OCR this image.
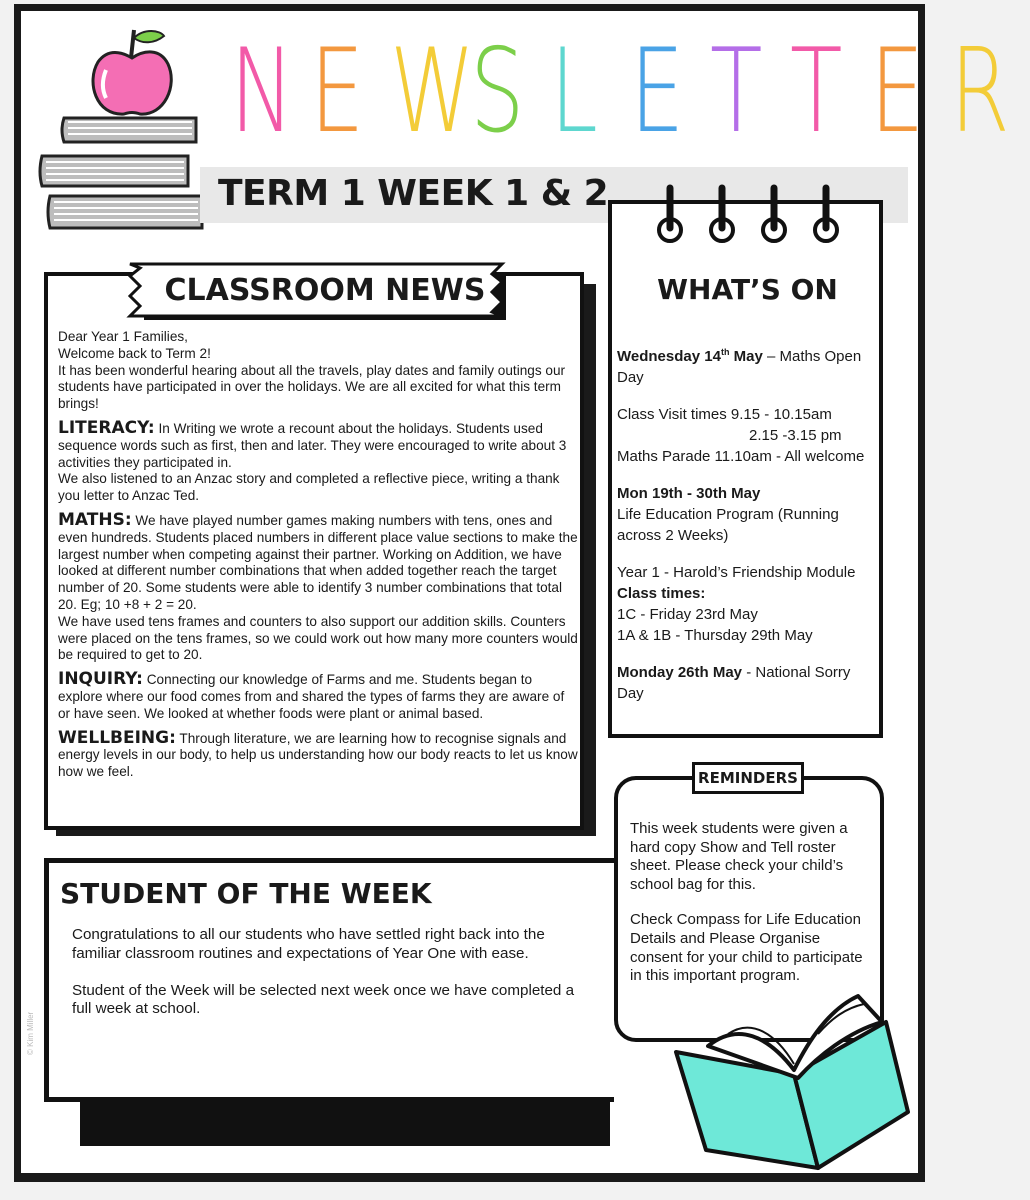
N E W
S L E T T E R
TERM 1 WEEK 1 & 2
CLASSROOM NEWS

Dear Year 1 Families,
Welcome back to Term 2!
It has been wonderful hearing about all the travels, play dates and family outings our students have participated in over the holidays. We are all excited for what this term brings!

LITERACY: In Writing we wrote a recount about the holidays. Students used sequence words such as first, then and later. They were encouraged to write about 3 activities they participated in.
We also listened to an Anzac story and completed a reflective piece, writing a thank you letter to Anzac Ted.

MATHS: We have played number games making numbers with tens, ones and even hundreds. Students placed numbers in different place value sections to make the largest number when competing against their partner. Working on Addition, we have looked at different number combinations that when added together reach the target number of 20. Some students were able to identify 3 number combinations that total 20. Eg; 10 +8 + 2 = 20.
We have used tens frames and counters to also support our addition skills. Counters were placed on the tens frames, so we could work out how many more counters would be required to get to 20.

INQUIRY: Connecting our knowledge of Farms and me. Students began to explore where our food comes from and shared the types of farms they are aware of or have seen. We looked at whether foods were plant or animal based.

WELLBEING: Through literature, we are learning how to recognise signals and energy levels in our body, to help us understanding how our body reacts to let us know how we feel.

STUDENT OF THE WEEK

Congratulations to all our students who have settled right back into the familiar classroom routines and expectations of Year One with ease.

Student of the Week will be selected next week once we have completed a full week at school.

WHAT’S ON

Wednesday 14th May – Maths Open Day

Class Visit times 9.15 - 10.15am

2.15 -3.15 pm
Maths Parade 11.10am - All welcome

Mon 19th - 30th May
Life Education Program (Running across 2 Weeks)

Year 1 - Harold’s Friendship Module Class times:
1C - Friday 23rd May
1A & 1B - Thursday 29th May

Monday 26th May - National Sorry Day

REMINDERS

This week students were given a hard copy Show and Tell roster sheet. Please check your child’s school bag for this.

Check Compass for Life Education Details and Please Organise consent for your child to participate in this important program.

© Kim Miller
